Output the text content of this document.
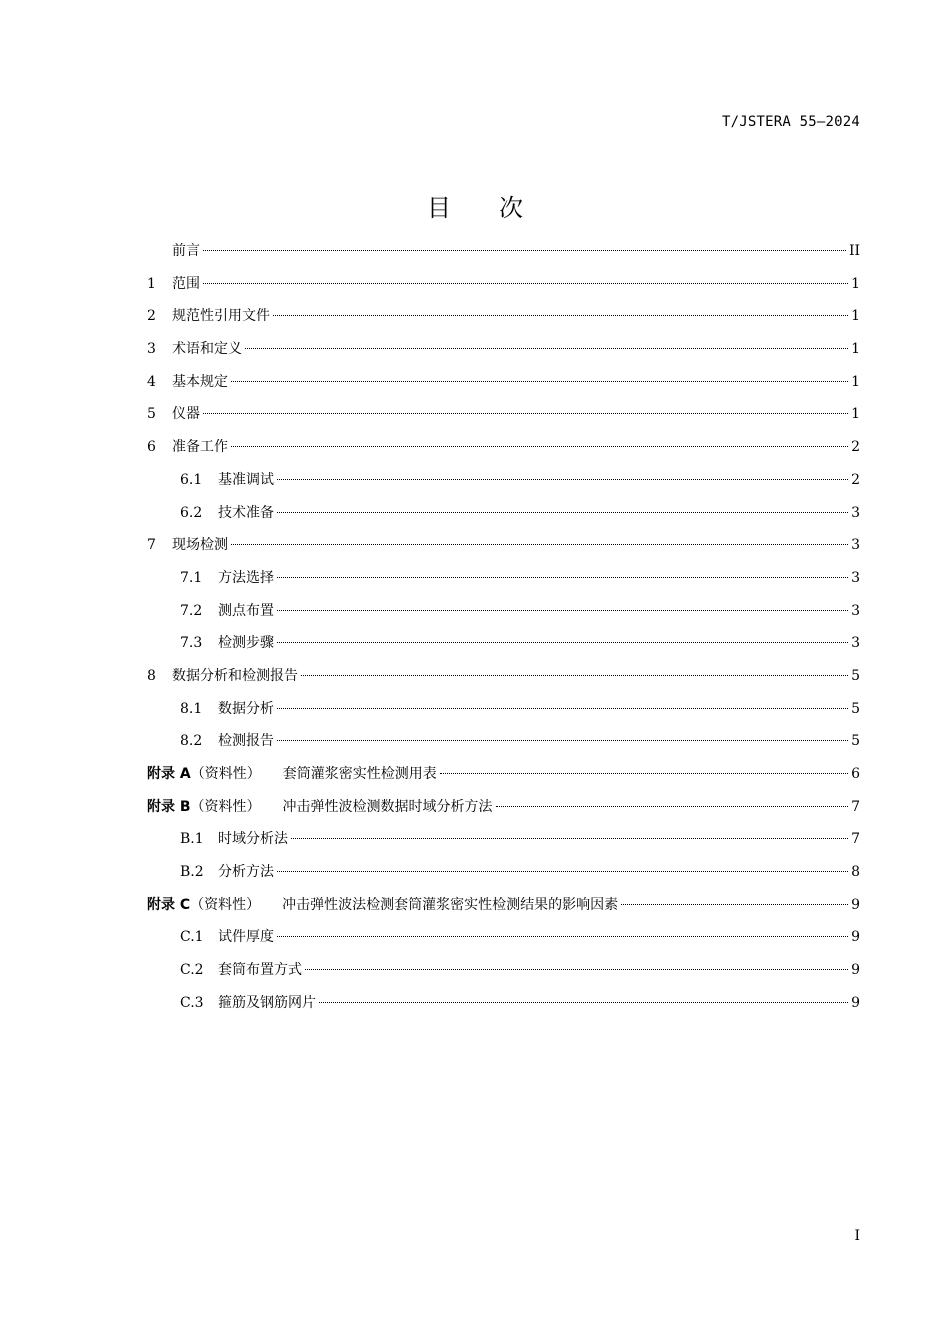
T/JSTERA 55—2024
目 次
前言	II
1	范围	1
2	规范性引用文件	1
3	术语和定义	1
4	基本规定	1
5	仪器	1
6	准备工作	2
6.1	基准调试	2
6.2	技术准备	3
7	现场检测	3
7.1	方法选择	3
7.2	测点布置	3
7.3	检测步骤	3
8	数据分析和检测报告	5
8.1	数据分析	5
8.2	检测报告	5
附录 A （资料性） 套筒灌浆密实性检测用表	6
附录 B （资料性） 冲击弹性波检测数据时域分析方法	7
B.1	时域分析法	7
B.2	分析方法	8
附录 C （资料性） 冲击弹性波法检测套筒灌浆密实性检测结果的影响因素	9
C.1	试件厚度	9
C.2	套筒布置方式	9
C.3	箍筋及钢筋网片	9
I
